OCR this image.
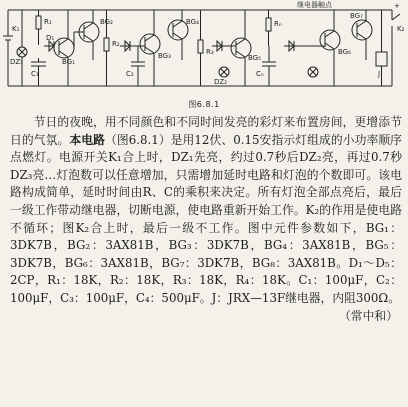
K₁
R₁
C₁
BG₁
BG₂
DZ₁
D₁
R₂
BG₃	R₃
C₂
BG₄
BG₅
DZ₂
Rₙ
Cₙ
BG₆
BG₇
J
K₂
+
继电器触点
图6.8.1

节日的夜晚，用不同颜色和不同时间发亮的彩灯来布置房间，更增添节日的气氛。本电路（图6.8.1）是用12伏、0.15安指示灯组成的小功率顺序点燃灯。电源开关K₁合上时，DZ₁先亮，约过0.7秒后DZ₂亮，再过0.7秒DZ₃亮…灯泡数可以任意增加，只需增加延时电路和灯泡的个数即可。该电路构成简单，延时时间由R、C的乘积来决定。所有灯泡全部点亮后，最后一级工作带动继电器，切断电源，使电路重新开始工作。K₂的作用是使电路不循环；图K₂合上时，最后一级不工作。图中元件参数如下，BG₁：3DK7B，BG₂：3AX81B，BG₃：3DK7B，BG₄：3AX81B，BG₅：3DK7B，BG₆：3AX81B，BG₇：3DK7B，BG₈：3AX81B。D₁～D₅：2CP，R₁：18K，R₂：18K，R₃：18K，R₄：18K。C₁：100μF，C₂：100μF，C₃：100μF，C₄：500μF。J：JRX—13F继电器，内阻300Ω。
（常中和）
